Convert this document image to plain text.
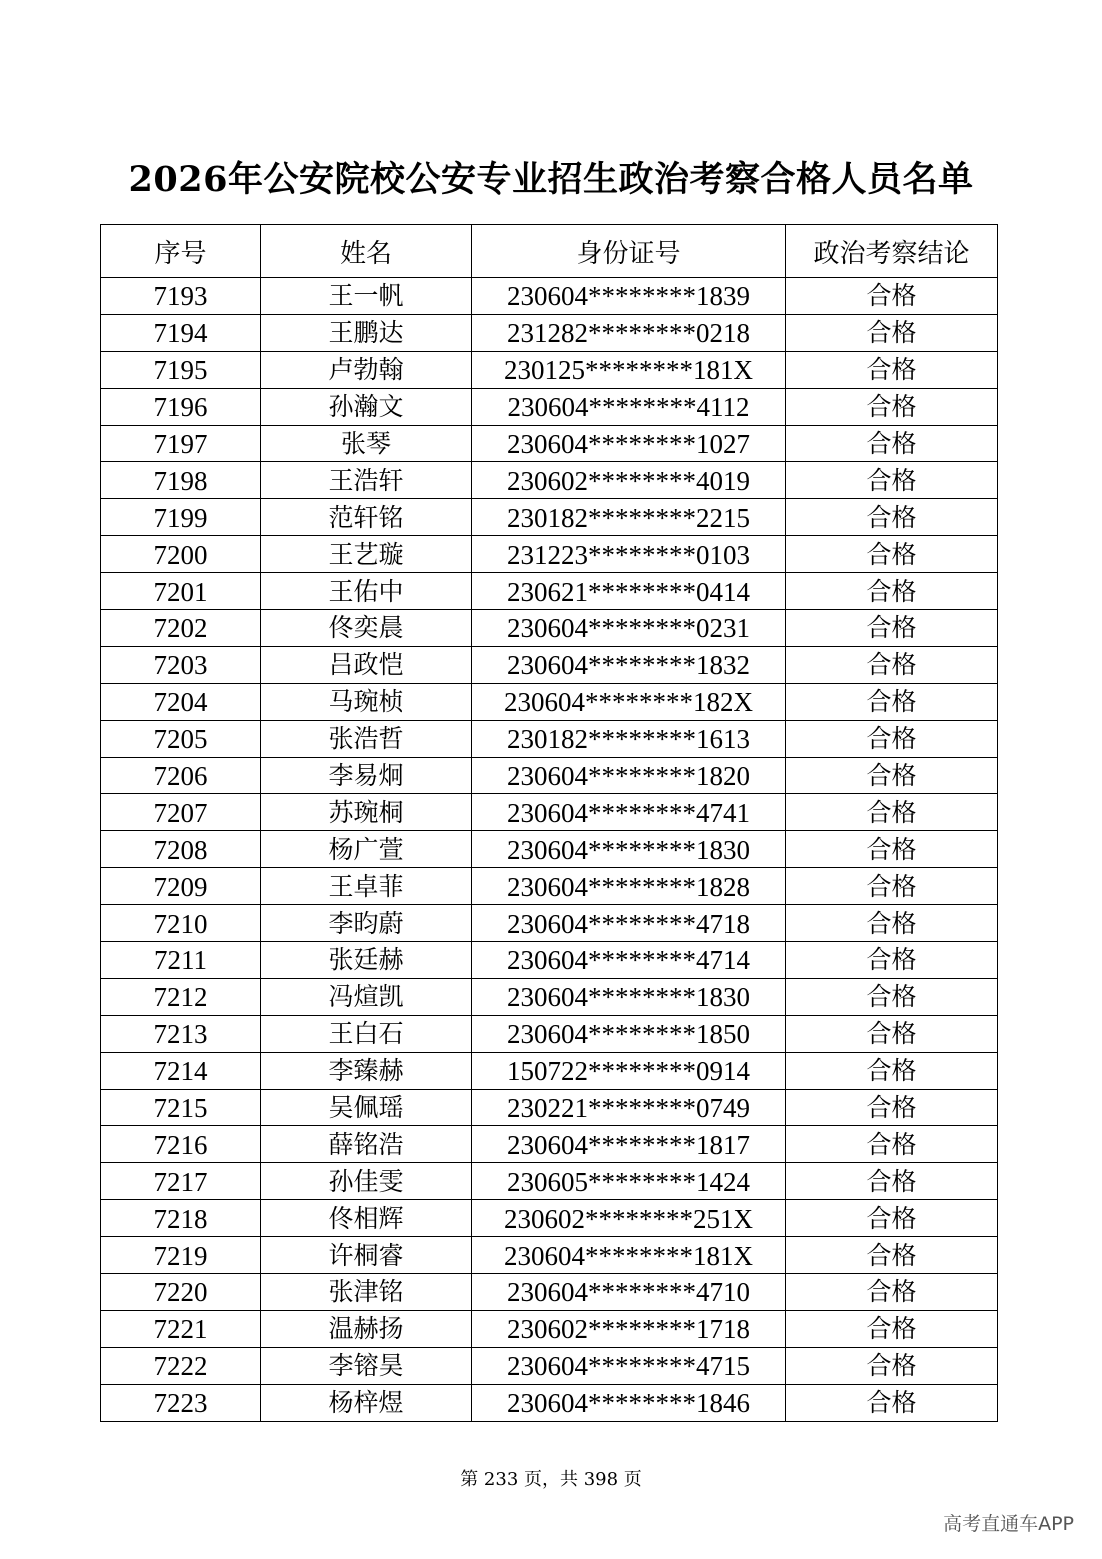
2026年公安院校公安专业招生政治考察合格人员名单
序号	姓名	身份证号	政治考察结论
7193	王一帆	230604********1839	合格
7194	王鹏达	231282********0218	合格
7195	卢勃翰	230125********181X	合格
7196	孙瀚文	230604********4112	合格
7197	张琴	230604********1027	合格
7198	王浩轩	230602********4019	合格
7199	范轩铭	230182********2215	合格
7200	王艺璇	231223********0103	合格
7201	王佑中	230621********0414	合格
7202	佟奕晨	230604********0231	合格
7203	吕政恺	230604********1832	合格
7204	马琬桢	230604********182X	合格
7205	张浩哲	230182********1613	合格
7206	李易炯	230604********1820	合格
7207	苏琬桐	230604********4741	合格
7208	杨广萱	230604********1830	合格
7209	王卓菲	230604********1828	合格
7210	李昀蔚	230604********4718	合格
7211	张廷赫	230604********4714	合格
7212	冯煊凯	230604********1830	合格
7213	王白石	230604********1850	合格
7214	李臻赫	150722********0914	合格
7215	吴佩瑶	230221********0749	合格
7216	薛铭浩	230604********1817	合格
7217	孙佳雯	230605********1424	合格
7218	佟相辉	230602********251X	合格
7219	许桐睿	230604********181X	合格
7220	张津铭	230604********4710	合格
7221	温赫扬	230602********1718	合格
7222	李镕昊	230604********4715	合格
7223	杨梓煜	230604********1846	合格
第 233 页，共 398 页
高考直通车APP
